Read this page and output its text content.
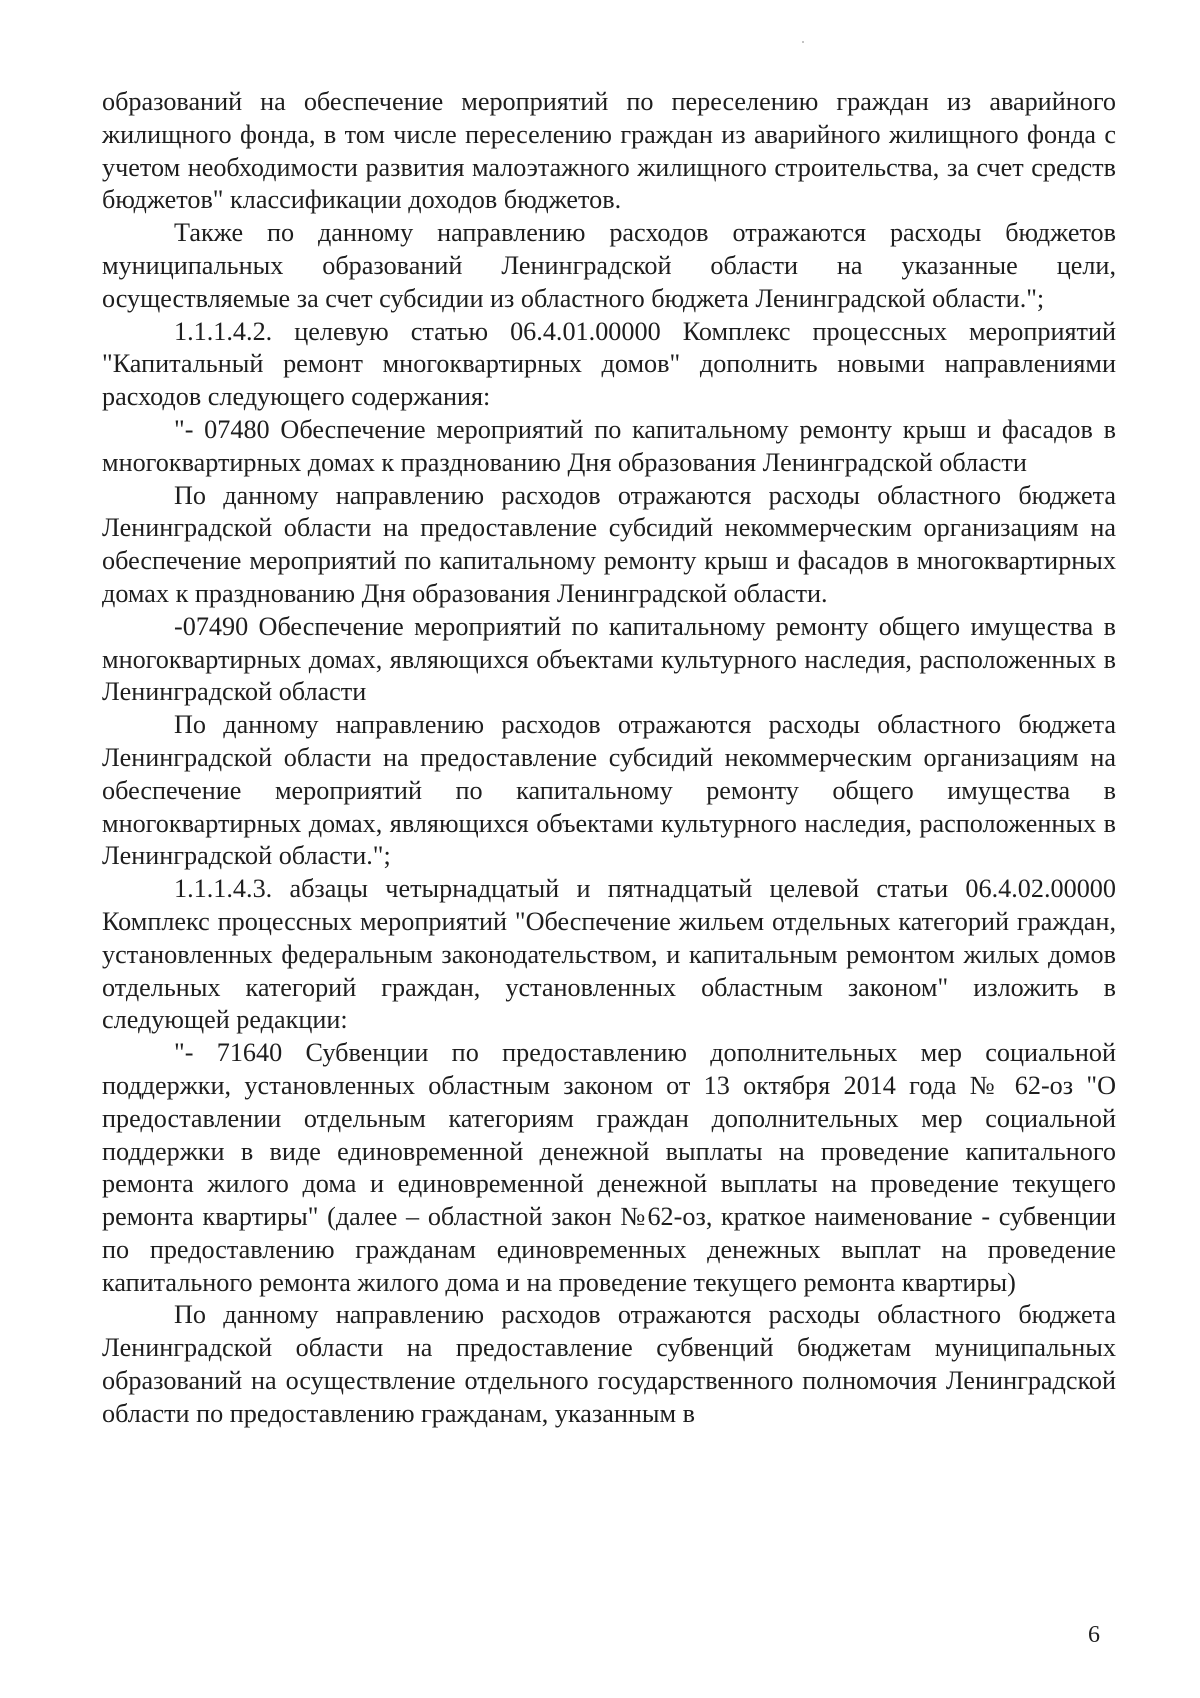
образований на обеспечение мероприятий по переселению граждан из аварийного жилищного фонда, в том числе переселению граждан из аварийного жилищного фонда с учетом необходимости развития малоэтажного жилищного строительства, за счет средств бюджетов" классификации доходов бюджетов.

Также по данному направлению расходов отражаются расходы бюджетов муниципальных образований Ленинградской области на указанные цели, осуществляемые за счет субсидии из областного бюджета Ленинградской области.";

1.1.1.4.2. целевую статью 06.4.01.00000 Комплекс процессных мероприятий "Капитальный ремонт многоквартирных домов" дополнить новыми направлениями расходов следующего содержания:

"- 07480 Обеспечение мероприятий по капитальному ремонту крыш и фасадов в многоквартирных домах к празднованию Дня образования Ленинградской области

По данному направлению расходов отражаются расходы областного бюджета Ленинградской области на предоставление субсидий некоммерческим организациям на обеспечение мероприятий по капитальному ремонту крыш и фасадов в многоквартирных домах к празднованию Дня образования Ленинградской области.

-07490 Обеспечение мероприятий по капитальному ремонту общего имущества в многоквартирных домах, являющихся объектами культурного наследия, расположенных в Ленинградской области

По данному направлению расходов отражаются расходы областного бюджета Ленинградской области на предоставление субсидий некоммерческим организациям на обеспечение мероприятий по капитальному ремонту общего имущества в многоквартирных домах, являющихся объектами культурного наследия, расположенных в Ленинградской области.";

1.1.1.4.3. абзацы четырнадцатый и пятнадцатый целевой статьи 06.4.02.00000 Комплекс процессных мероприятий "Обеспечение жильем отдельных категорий граждан, установленных федеральным законодательством, и капитальным ремонтом жилых домов отдельных категорий граждан, установленных областным законом" изложить в следующей редакции:

"- 71640 Субвенции по предоставлению дополнительных мер социальной поддержки, установленных областным законом от 13 октября 2014 года № 62-оз "О предоставлении отдельным категориям граждан дополнительных мер социальной поддержки в виде единовременной денежной выплаты на проведение капитального ремонта жилого дома и единовременной денежной выплаты на проведение текущего ремонта квартиры" (далее – областной закон №62-оз, краткое наименование - субвенции по предоставлению гражданам единовременных денежных выплат на проведение капитального ремонта жилого дома и на проведение текущего ремонта квартиры)

По данному направлению расходов отражаются расходы областного бюджета Ленинградской области на предоставление субвенций бюджетам муниципальных образований на осуществление отдельного государственного полномочия Ленинградской области по предоставлению гражданам, указанным в

6
